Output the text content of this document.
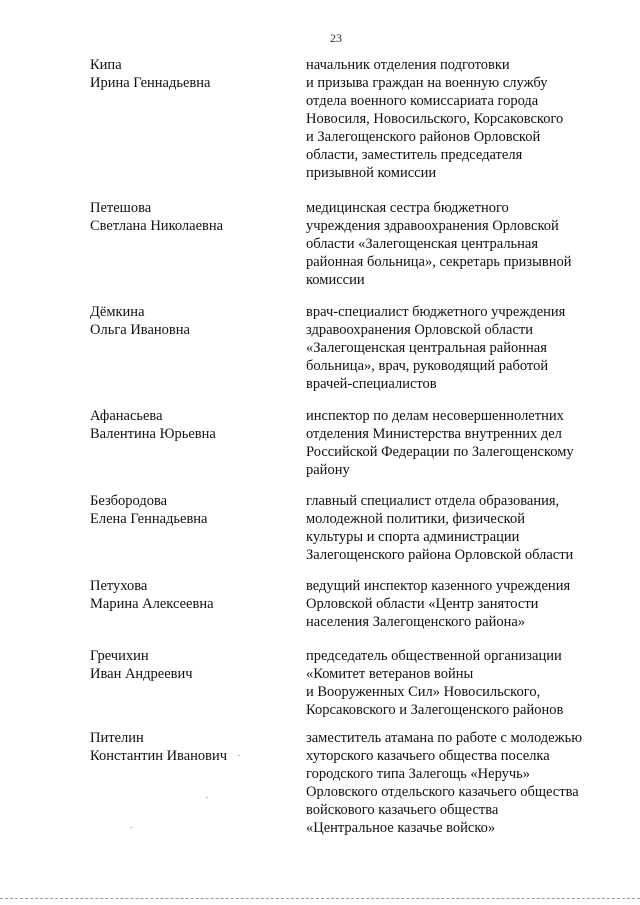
23
Кипа
Ирина Геннадьевна
начальник отделения подготовки
и призыва граждан на военную службу
отдела военного комиссариата города
Новосиля, Новосильского, Корсаковского
и Залегощенского районов Орловской
области, заместитель председателя
призывной комиссии
Петешова
Светлана Николаевна
медицинская сестра бюджетного
учреждения здравоохранения Орловской
области «Залегощенская центральная
районная больница», секретарь призывной
комиссии
Дёмкина
Ольга Ивановна
врач-специалист бюджетного учреждения
здравоохранения Орловской области
«Залегощенская центральная районная
больница», врач, руководящий работой
врачей-специалистов
Афанасьева
Валентина Юрьевна
инспектор по делам несовершеннолетних
отделения Министерства внутренних дел
Российской Федерации по Залегощенскому
району
Безбородова
Елена Геннадьевна
главный специалист отдела образования,
молодежной политики, физической
культуры и спорта администрации
Залегощенского района Орловской области
Петухова
Марина Алексеевна
ведущий инспектор казенного учреждения
Орловской области «Центр занятости
населения Залегощенского района»
Гречихин
Иван Андреевич
председатель общественной организации
«Комитет ветеранов войны
и Вооруженных Сил» Новосильского,
Корсаковского и Залегощенского районов
Пителин
Константин Иванович
заместитель атамана по работе с молодежью
хуторского казачьего общества поселка
городского типа Залегощь «Неручь»
Орловского отдельского казачьего общества
войскового казачьего общества
«Центральное казачье войско»
